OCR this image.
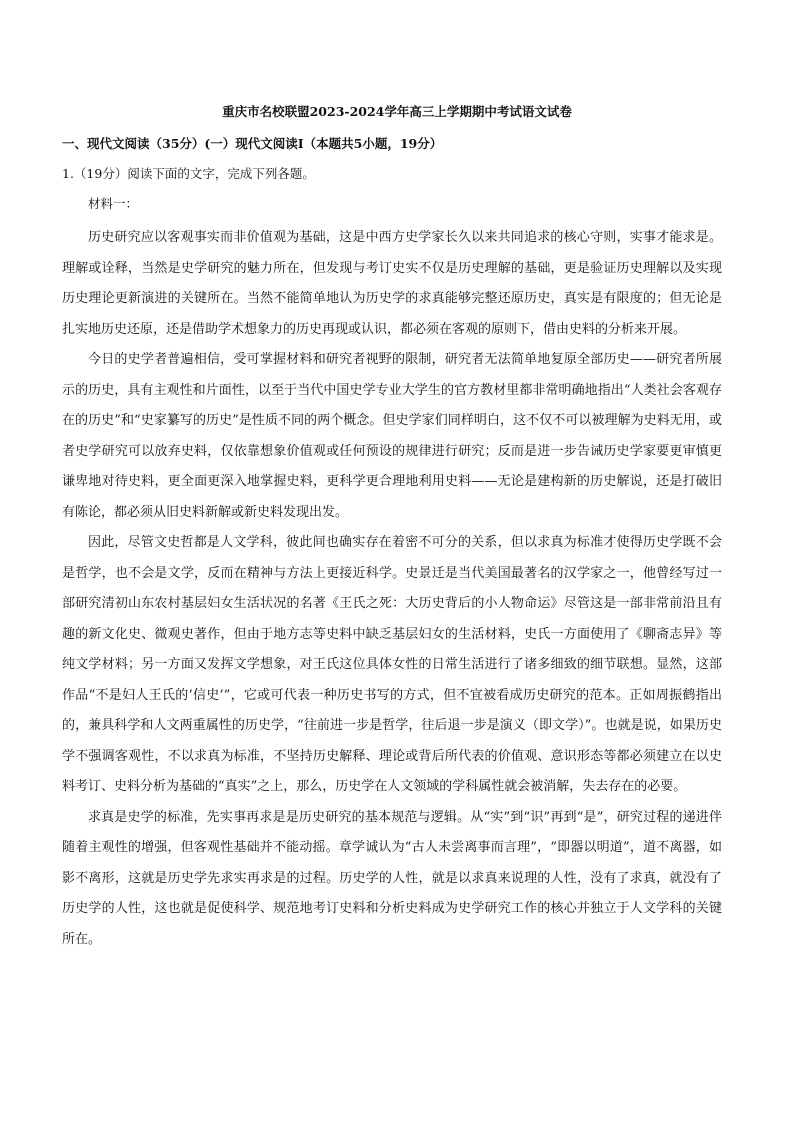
重庆市名校联盟2023-2024学年高三上学期期中考试语文试卷
一、现代文阅读（35分）(一）现代文阅读Ⅰ（本题共5小题，19分）
1.（19分）阅读下面的文字，完成下列各题。
材料一：

历史研究应以客观事实而非价值观为基础，这是中西方史学家长久以来共同追求的核心守则，实事才能求是。理解或诠释，当然是史学研究的魅力所在，但发现与考订史实不仅是历史理解的基础，更是验证历史理解以及实现历史理论更新演进的关键所在。当然不能简单地认为历史学的求真能够完整还原历史，真实是有限度的；但无论是扎实地历史还原，还是借助学术想象力的历史再现或认识，都必须在客观的原则下，借由史料的分析来开展。

今日的史学者普遍相信，受可掌握材料和研究者视野的限制，研究者无法简单地复原全部历史——研究者所展示的历史，具有主观性和片面性，以至于当代中国史学专业大学生的官方教材里都非常明确地指出“人类社会客观存在的历史”和“史家纂写的历史”是性质不同的两个概念。但史学家们同样明白，这不仅不可以被理解为史料无用，或者史学研究可以放弃史料，仅依靠想象价值观或任何预设的规律进行研究；反而是进一步告诫历史学家要更审慎更谦卑地对待史料，更全面更深入地掌握史料，更科学更合理地利用史料——无论是建构新的历史解说，还是打破旧有陈论，都必须从旧史料新解或新史料发现出发。

因此，尽管文史哲都是人文学科，彼此间也确实存在着密不可分的关系，但以求真为标准才使得历史学既不会是哲学，也不会是文学，反而在精神与方法上更接近科学。史景迁是当代美国最著名的汉学家之一，他曾经写过一部研究清初山东农村基层妇女生活状况的名著《王氏之死：大历史背后的小人物命运》尽管这是一部非常前沿且有趣的新文化史、微观史著作，但由于地方志等史料中缺乏基层妇女的生活材料，史氏一方面使用了《聊斋志异》等纯文学材料；另一方面又发挥文学想象，对王氏这位具体女性的日常生活进行了诸多细致的细节联想。显然，这部作品“不是妇人王氏的‘信史’”，它或可代表一种历史书写的方式，但不宜被看成历史研究的范本。正如周振鹤指出的，兼具科学和人文两重属性的历史学，“往前进一步是哲学，往后退一步是演义（即文学）”。也就是说，如果历史学不强调客观性，不以求真为标准，不坚持历史解释、理论或背后所代表的价值观、意识形态等都必须建立在以史料考订、史料分析为基础的“真实”之上，那么，历史学在人文领域的学科属性就会被消解，失去存在的必要。

求真是史学的标准，先实事再求是是历史研究的基本规范与逻辑。从“实”到“识”再到“是”，研究过程的递进伴随着主观性的增强，但客观性基础并不能动摇。章学诚认为“古人未尝离事而言理”，“即器以明道”，道不离器，如影不离形，这就是历史学先求实再求是的过程。历史学的人性，就是以求真来说理的人性，没有了求真，就没有了历史学的人性，这也就是促使科学、规范地考订史料和分析史料成为史学研究工作的核心并独立于人文学科的关键所在。
